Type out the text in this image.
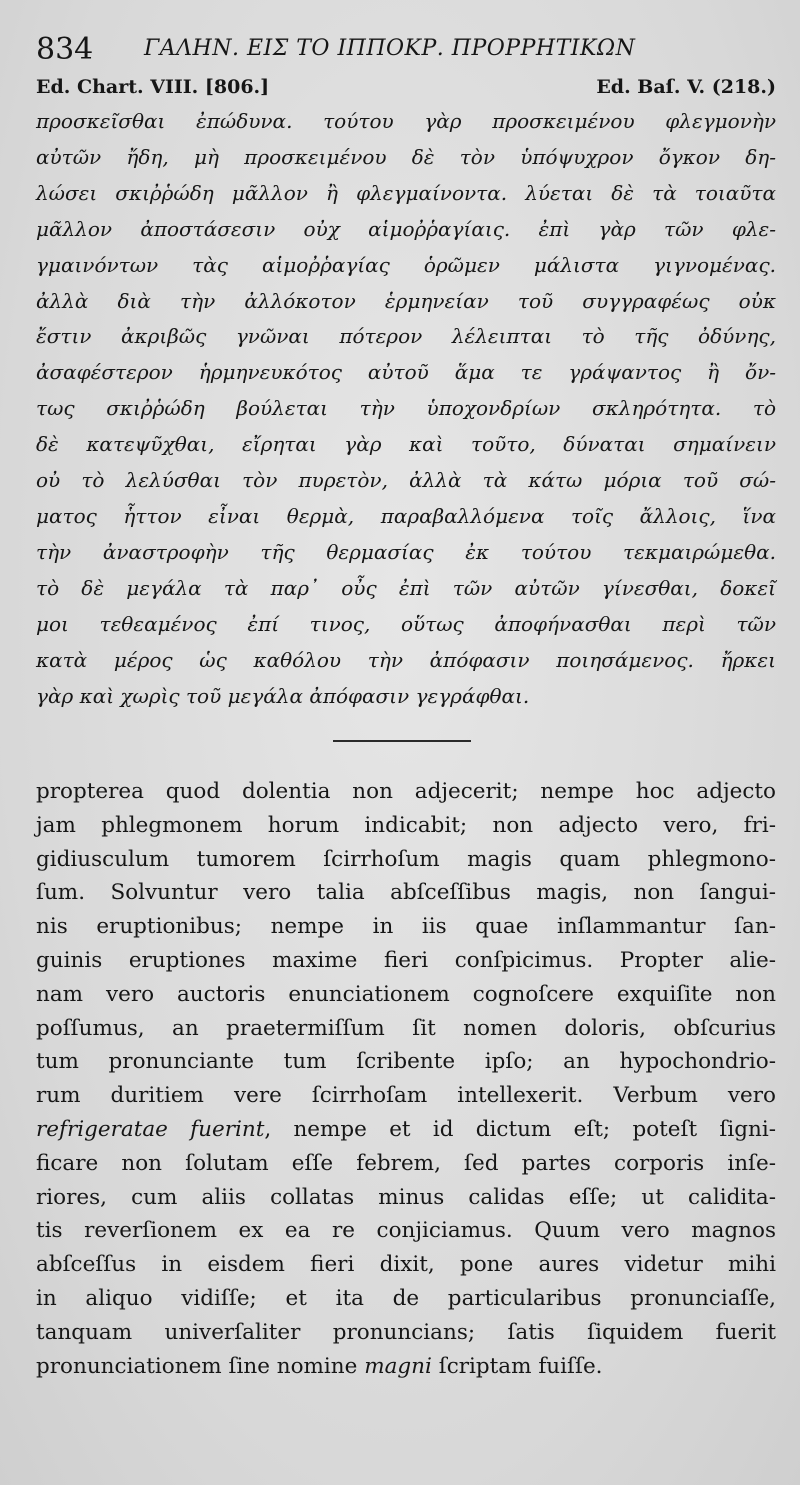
834 ΓΑΛΗΝ. ΕΙΣ ΤΟ ΙΠΠΟΚΡ. ΠΡΟΡΡΗΤΙΚΩΝ
Ed. Chart. VIII. [806.]	Ed. Baſ. V. (218.)
προσκεῖσθαι ἐπώδυνα. τούτου γὰρ προσκειμένου φλεγμονὴν
αὐτῶν ἤδη, μὴ προσκειμένου δὲ τὸν ὑπόψυχρον ὄγκον δη-
λώσει σκιῤῥώδη μᾶλλον ἢ φλεγμαίνοντα. λύεται δὲ τὰ τοιαῦτα
μᾶλλον ἀποστάσεσιν οὐχ αἱμοῤῥαγίαις. ἐπὶ γὰρ τῶν φλε-
γμαινόντων τὰς αἱμοῤῥαγίας ὁρῶμεν μάλιστα γιγνομένας.
ἀλλὰ διὰ τὴν ἀλλόκοτον ἑρμηνείαν τοῦ συγγραφέως οὐκ
ἔστιν ἀκριβῶς γνῶναι πότερον λέλειπται τὸ τῆς ὀδύνης,
ἀσαφέστερον ἡρμηνευκότος αὐτοῦ ἅμα τε γράψαντος ἢ ὄν-
τως σκιῤῥώδη βούλεται τὴν ὑποχονδρίων σκληρότητα. τὸ
δὲ κατεψῦχθαι, εἴρηται γὰρ καὶ τοῦτο, δύναται σημαίνειν
οὐ τὸ λελύσθαι τὸν πυρετὸν, ἀλλὰ τὰ κάτω μόρια τοῦ σώ-
ματος ἧττον εἶναι θερμὰ, παραβαλλόμενα τοῖς ἄλλοις, ἵνα
τὴν ἀναστροφὴν τῆς θερμασίας ἐκ τούτου τεκμαιρώμεθα.
τὸ δὲ μεγάλα τὰ παρ᾽ οὖς ἐπὶ τῶν αὐτῶν γίνεσθαι, δοκεῖ
μοι τεθεαμένος ἐπί τινος, οὕτως ἀποφήνασθαι περὶ τῶν
κατὰ μέρος ὡς καθόλου τὴν ἀπόφασιν ποιησάμενος. ἤρκει
γὰρ καὶ χωρὶς τοῦ μεγάλα ἀπόφασιν γεγράφθαι.
propterea quod dolentia non adjecerit; nempe hoc adjecto
jam phlegmonem horum indicabit; non adjecto vero, fri-
gidiusculum tumorem ſcirrhoſum magis quam phlegmono-
ſum. Solvuntur vero talia abſceſſibus magis, non ſangui-
nis eruptionibus; nempe in iis quae inſlammantur ſan-
guinis eruptiones maxime fieri conſpicimus. Propter alie-
nam vero auctoris enunciationem cognoſcere exquiſite non
poſſumus, an praetermiſſum ſit nomen doloris, obſcurius
tum pronunciante tum ſcribente ipſo; an hypochondrio-
rum duritiem vere ſcirrhoſam intellexerit. Verbum vero
refrigeratae fuerint, nempe et id dictum eſt; poteſt ſigni-
ficare non ſolutam eſſe febrem, ſed partes corporis inſe-
riores, cum aliis collatas minus calidas eſſe; ut calidita-
tis reverſionem ex ea re conjiciamus. Quum vero magnos
abſceſſus in eisdem fieri dixit, pone aures videtur mihi
in aliquo vidiſſe; et ita de particularibus pronunciaſſe,
tanquam univerſaliter pronuncians; ſatis ſiquidem fuerit
pronunciationem ſine nomine magni ſcriptam fuiſſe.
